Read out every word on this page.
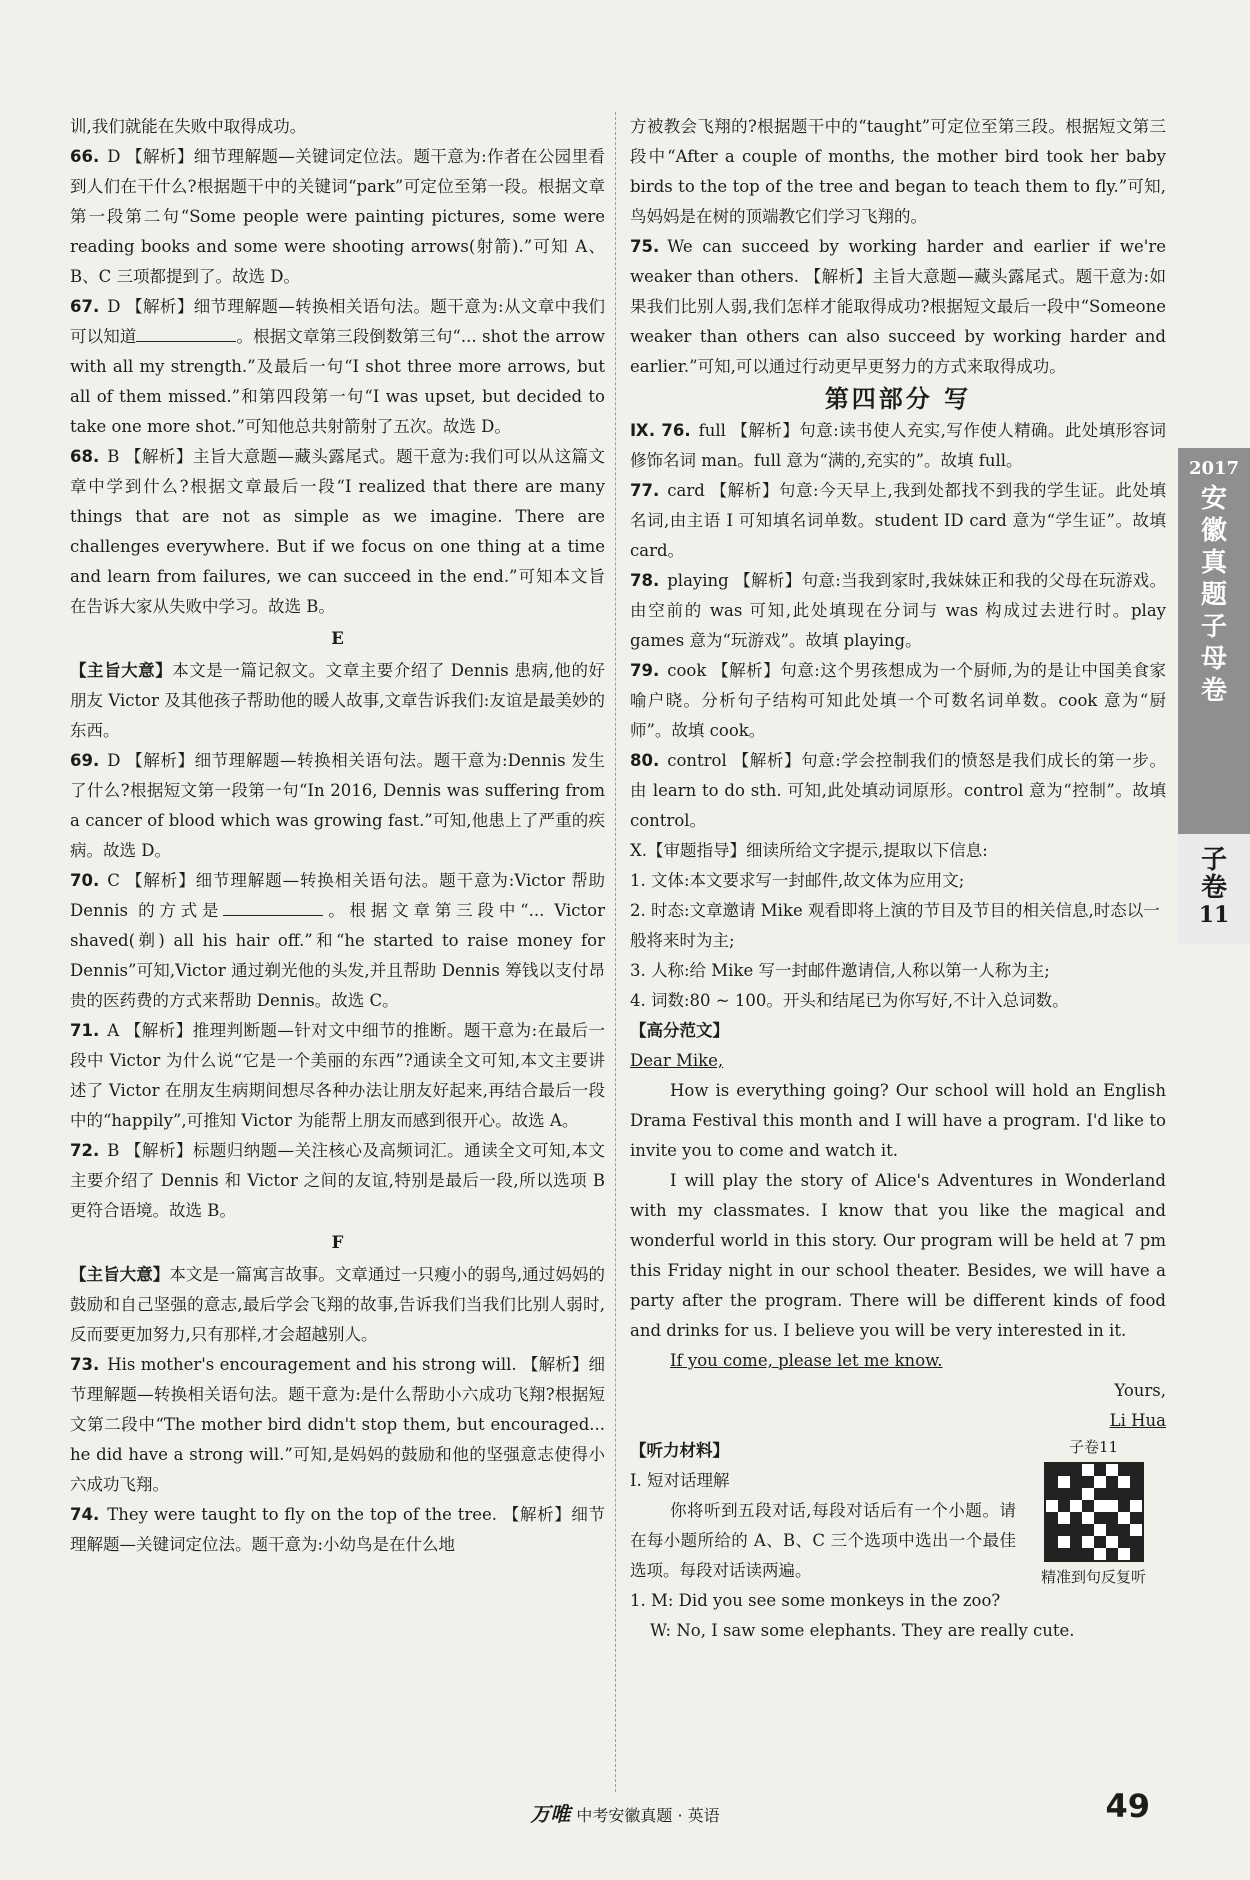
训,我们就能在失败中取得成功。

66. D 【解析】细节理解题—关键词定位法。题干意为:作者在公园里看到人们在干什么?根据题干中的关键词“park”可定位至第一段。根据文章第一段第二句“Some people were painting pictures, some were reading books and some were shooting arrows(射箭).”可知 A、B、C 三项都提到了。故选 D。

67. D 【解析】细节理解题—转换相关语句法。题干意为:从文章中我们可以知道	。根据文章第三段倒数第三句“... shot the arrow with all my strength.”及最后一句“I shot three more arrows, but all of them missed.”和第四段第一句“I was upset, but decided to take one more shot.”可知他总共射箭射了五次。故选 D。

68. B 【解析】主旨大意题—藏头露尾式。题干意为:我们可以从这篇文章中学到什么?根据文章最后一段“I realized that there are many things that are not as simple as we imagine. There are challenges everywhere. But if we focus on one thing at a time and learn from failures, we can succeed in the end.”可知本文旨在告诉大家从失败中学习。故选 B。

E

【主旨大意】本文是一篇记叙文。文章主要介绍了 Dennis 患病,他的好朋友 Victor 及其他孩子帮助他的暖人故事,文章告诉我们:友谊是最美妙的东西。

69. D 【解析】细节理解题—转换相关语句法。题干意为:Dennis 发生了什么?根据短文第一段第一句“In 2016, Dennis was suffering from a cancer of blood which was growing fast.”可知,他患上了严重的疾病。故选 D。

70. C 【解析】细节理解题—转换相关语句法。题干意为:Victor 帮助 Dennis 的方式是	。根据文章第三段中“... Victor shaved(剃) all his hair off.”和“he started to raise money for Dennis”可知,Victor 通过剃光他的头发,并且帮助 Dennis 筹钱以支付昂贵的医药费的方式来帮助 Dennis。故选 C。

71. A 【解析】推理判断题—针对文中细节的推断。题干意为:在最后一段中 Victor 为什么说“它是一个美丽的东西”?通读全文可知,本文主要讲述了 Victor 在朋友生病期间想尽各种办法让朋友好起来,再结合最后一段中的“happily”,可推知 Victor 为能帮上朋友而感到很开心。故选 A。

72. B 【解析】标题归纳题—关注核心及高频词汇。通读全文可知,本文主要介绍了 Dennis 和 Victor 之间的友谊,特别是最后一段,所以选项 B 更符合语境。故选 B。

F

【主旨大意】本文是一篇寓言故事。文章通过一只瘦小的弱鸟,通过妈妈的鼓励和自己坚强的意志,最后学会飞翔的故事,告诉我们当我们比别人弱时,反而要更加努力,只有那样,才会超越别人。

73. His mother's encouragement and his strong will. 【解析】细节理解题—转换相关语句法。题干意为:是什么帮助小六成功飞翔?根据短文第二段中“The mother bird didn't stop them, but encouraged... he did have a strong will.”可知,是妈妈的鼓励和他的坚强意志使得小六成功飞翔。

74. They were taught to fly on the top of the tree. 【解析】细节理解题—关键词定位法。题干意为:小幼鸟是在什么地

方被教会飞翔的?根据题干中的“taught”可定位至第三段。根据短文第三段中“After a couple of months, the mother bird took her baby birds to the top of the tree and began to teach them to fly.”可知,鸟妈妈是在树的顶端教它们学习飞翔的。

75. We can succeed by working harder and earlier if we're weaker than others. 【解析】主旨大意题—藏头露尾式。题干意为:如果我们比别人弱,我们怎样才能取得成功?根据短文最后一段中“Someone weaker than others can also succeed by working harder and earlier.”可知,可以通过行动更早更努力的方式来取得成功。

第四部分 写

Ⅸ. 76. full 【解析】句意:读书使人充实,写作使人精确。此处填形容词修饰名词 man。full 意为“满的,充实的”。故填 full。

77. card 【解析】句意:今天早上,我到处都找不到我的学生证。此处填名词,由主语 I 可知填名词单数。student ID card 意为“学生证”。故填 card。

78. playing 【解析】句意:当我到家时,我妹妹正和我的父母在玩游戏。由空前的 was 可知,此处填现在分词与 was 构成过去进行时。play games 意为“玩游戏”。故填 playing。

79. cook 【解析】句意:这个男孩想成为一个厨师,为的是让中国美食家喻户晓。分析句子结构可知此处填一个可数名词单数。cook 意为“厨师”。故填 cook。

80. control 【解析】句意:学会控制我们的愤怒是我们成长的第一步。由 learn to do sth. 可知,此处填动词原形。control 意为“控制”。故填 control。

Ⅹ.【审题指导】细读所给文字提示,提取以下信息:

1. 文体:本文要求写一封邮件,故文体为应用文;

2. 时态:文章邀请 Mike 观看即将上演的节目及节目的相关信息,时态以一般将来时为主;

3. 人称:给 Mike 写一封邮件邀请信,人称以第一人称为主;

4. 词数:80 ~ 100。开头和结尾已为你写好,不计入总词数。

【高分范文】

Dear Mike,

How is everything going? Our school will hold an English Drama Festival this month and I will have a program. I'd like to invite you to come and watch it.

I will play the story of Alice's Adventures in Wonderland with my classmates. I know that you like the magical and wonderful world in this story. Our program will be held at 7 pm this Friday night in our school theater. Besides, we will have a party after the program. There will be different kinds of food and drinks for us. I believe you will be very interested in it.

If you come, please let me know.

Yours,

Li Hua

子卷11
精准到句反复听

【听力材料】

Ⅰ. 短对话理解

你将听到五段对话,每段对话后有一个小题。请在每小题所给的 A、B、C 三个选项中选出一个最佳选项。每段对话读两遍。

1. M: Did you see some monkeys in the zoo?

W: No, I saw some elephants. They are really cute.

2017
安徽真题子母卷
子卷
11
万唯 中考安徽真题 · 英语	49
